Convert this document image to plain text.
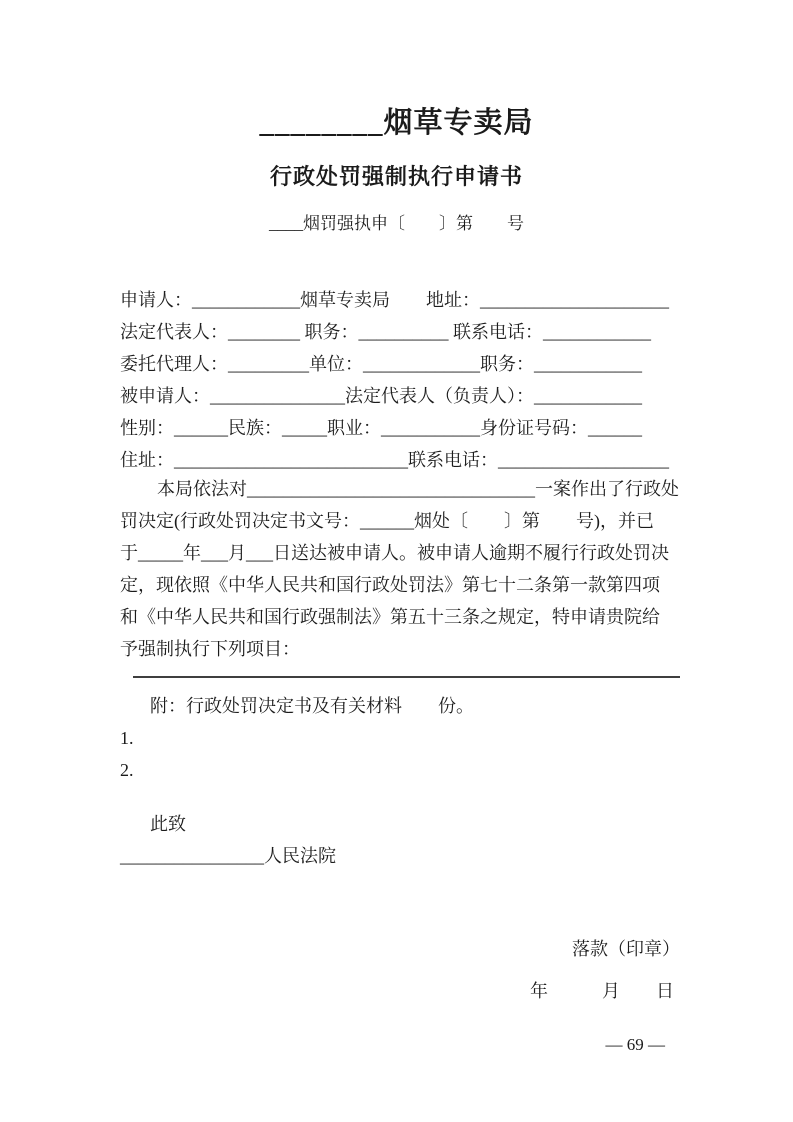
________烟草专卖局
行政处罚强制执行申请书
____烟罚强执申〔　　〕第　　号
申请人：____________烟草专卖局　　地址：_____________________
法定代表人：________ 职务：__________ 联系电话：____________
委托代理人：_________单位：_____________职务：____________
被申请人：_______________法定代表人（负责人）：____________
性别：______民族：_____职业：___________身份证号码：______
住址：__________________________联系电话：___________________
本局依法对________________________________一案作出了行政处
罚决定(行政处罚决定书文号：______烟处〔　　〕第　　号)，并已
于_____年___月___日送达被申请人。被申请人逾期不履行行政处罚决
定，现依照《中华人民共和国行政处罚法》第七十二条第一款第四项
和《中华人民共和国行政强制法》第五十三条之规定，特申请贵院给
予强制执行下列项目：
附：行政处罚决定书及有关材料　　份。
1.
2.
此致
________________人民法院
落款（印章）
年　　　月　　日
— 69 —
